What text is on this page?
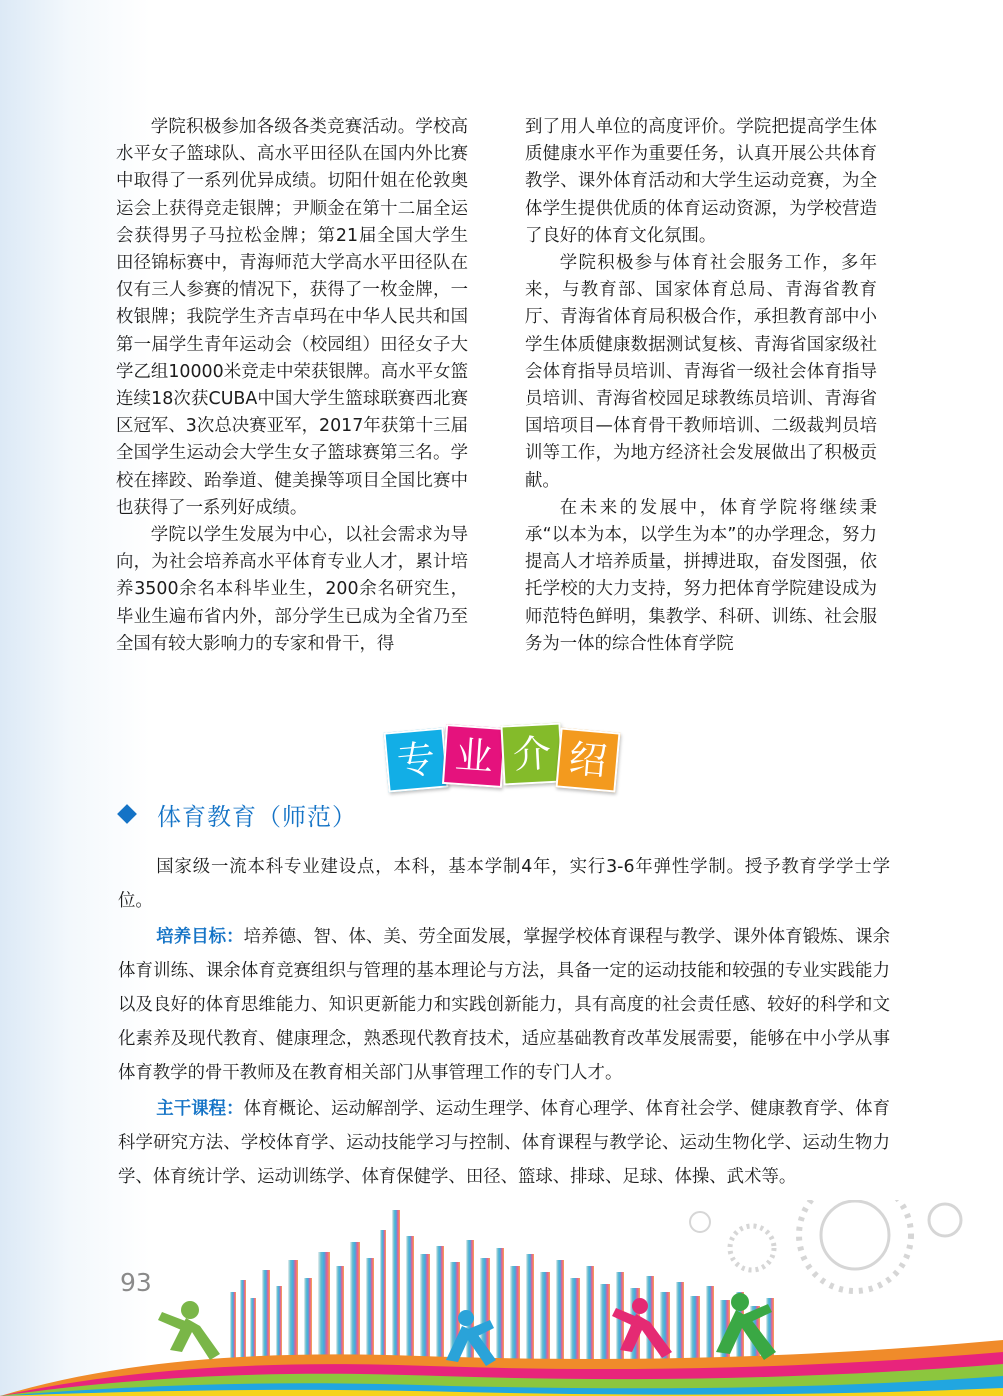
学院积极参加各级各类竞赛活动。学校高水平女子篮球队、高水平田径队在国内外比赛中取得了一系列优异成绩。切阳什姐在伦敦奥运会上获得竞走银牌；尹顺金在第十二届全运会获得男子马拉松金牌；第21届全国大学生田径锦标赛中，青海师范大学高水平田径队在仅有三人参赛的情况下，获得了一枚金牌，一枚银牌；我院学生齐吉卓玛在中华人民共和国第一届学生青年运动会（校园组）田径女子大学乙组10000米竞走中荣获银牌。高水平女篮连续18次获CUBA中国大学生篮球联赛西北赛区冠军、3次总决赛亚军，2017年获第十三届全国学生运动会大学生女子篮球赛第三名。学校在摔跤、跆拳道、健美操等项目全国比赛中也获得了一系列好成绩。

学院以学生发展为中心，以社会需求为导向，为社会培养高水平体育专业人才，累计培养3500余名本科毕业生，200余名研究生，毕业生遍布省内外，部分学生已成为全省乃至全国有较大影响力的专家和骨干，得

到了用人单位的高度评价。学院把提高学生体质健康水平作为重要任务，认真开展公共体育教学、课外体育活动和大学生运动竞赛，为全体学生提供优质的体育运动资源，为学校营造了良好的体育文化氛围。

学院积极参与体育社会服务工作，多年来，与教育部、国家体育总局、青海省教育厅、青海省体育局积极合作，承担教育部中小学生体质健康数据测试复核、青海省国家级社会体育指导员培训、青海省一级社会体育指导员培训、青海省校园足球教练员培训、青海省国培项目—体育骨干教师培训、二级裁判员培训等工作，为地方经济社会发展做出了积极贡献。

在未来的发展中，体育学院将继续秉承“以本为本，以学生为本”的办学理念，努力提高人才培养质量，拼搏进取，奋发图强，依托学校的大力支持，努力把体育学院建设成为师范特色鲜明，集教学、科研、训练、社会服务为一体的综合性体育学院

专 业 介 绍
体育教育（师范）

国家级一流本科专业建设点，本科，基本学制4年，实行3-6年弹性学制。授予教育学学士学位。

培养目标：培养德、智、体、美、劳全面发展，掌握学校体育课程与教学、课外体育锻炼、课余体育训练、课余体育竞赛组织与管理的基本理论与方法，具备一定的运动技能和较强的专业实践能力以及良好的体育思维能力、知识更新能力和实践创新能力，具有高度的社会责任感、较好的科学和文化素养及现代教育、健康理念，熟悉现代教育技术，适应基础教育改革发展需要，能够在中小学从事体育教学的骨干教师及在教育相关部门从事管理工作的专门人才。

主干课程：体育概论、运动解剖学、运动生理学、体育心理学、体育社会学、健康教育学、体育科学研究方法、学校体育学、运动技能学习与控制、体育课程与教学论、运动生物化学、运动生物力学、体育统计学、运动训练学、体育保健学、田径、篮球、排球、足球、体操、武术等。

93
